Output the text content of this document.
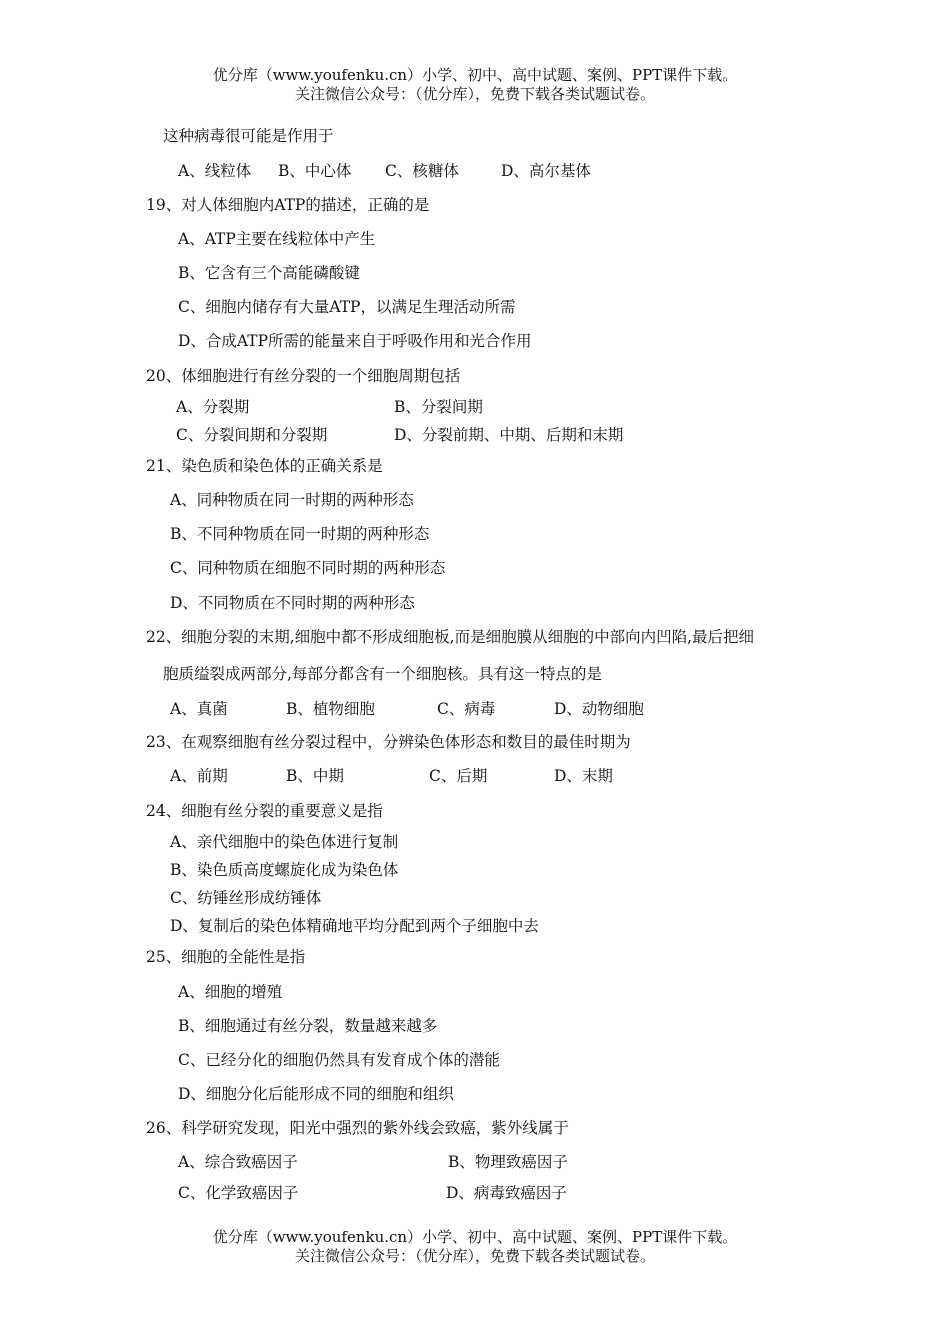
优分库（www.youfenku.cn）小学、初中、高中试题、案例、PPT课件下载。
关注微信公众号：（优分库），免费下载各类试题试卷。
这种病毒很可能是作用于
A、线粒体 B、中心体 C、核糖体	D、高尔基体
19、对人体细胞内ATP的描述，正确的是
A、ATP主要在线粒体中产生
B、它含有三个高能磷酸键
C、细胞内储存有大量ATP，以满足生理活动所需
D、合成ATP所需的能量来自于呼吸作用和光合作用
20、体细胞进行有丝分裂的一个细胞周期包括
A、分裂期	B、分裂间期
C、分裂间期和分裂期	D、分裂前期、中期、后期和末期
21、染色质和染色体的正确关系是
A、同种物质在同一时期的两种形态
B、不同种物质在同一时期的两种形态
C、同种物质在细胞不同时期的两种形态
D、不同物质在不同时期的两种形态
22、细胞分裂的末期,细胞中都不形成细胞板,而是细胞膜从细胞的中部向内凹陷,最后把细
胞质缢裂成两部分,每部分都含有一个细胞核。具有这一特点的是
A、真菌	B、植物细胞	C、病毒	D、动物细胞
23、在观察细胞有丝分裂过程中，分辨染色体形态和数目的最佳时期为
A、前期	B、中期	C、后期	D、末期
24、细胞有丝分裂的重要意义是指
A、亲代细胞中的染色体进行复制
B、染色质高度螺旋化成为染色体
C、纺锤丝形成纺锤体
D、复制后的染色体精确地平均分配到两个子细胞中去
25、细胞的全能性是指
A、细胞的增殖
B、细胞通过有丝分裂，数量越来越多
C、已经分化的细胞仍然具有发育成个体的潜能
D、细胞分化后能形成不同的细胞和组织
26、科学研究发现，阳光中强烈的紫外线会致癌，紫外线属于
A、综合致癌因子	B、物理致癌因子
C、化学致癌因子	D、病毒致癌因子
优分库（www.youfenku.cn）小学、初中、高中试题、案例、PPT课件下载。
关注微信公众号：（优分库），免费下载各类试题试卷。
